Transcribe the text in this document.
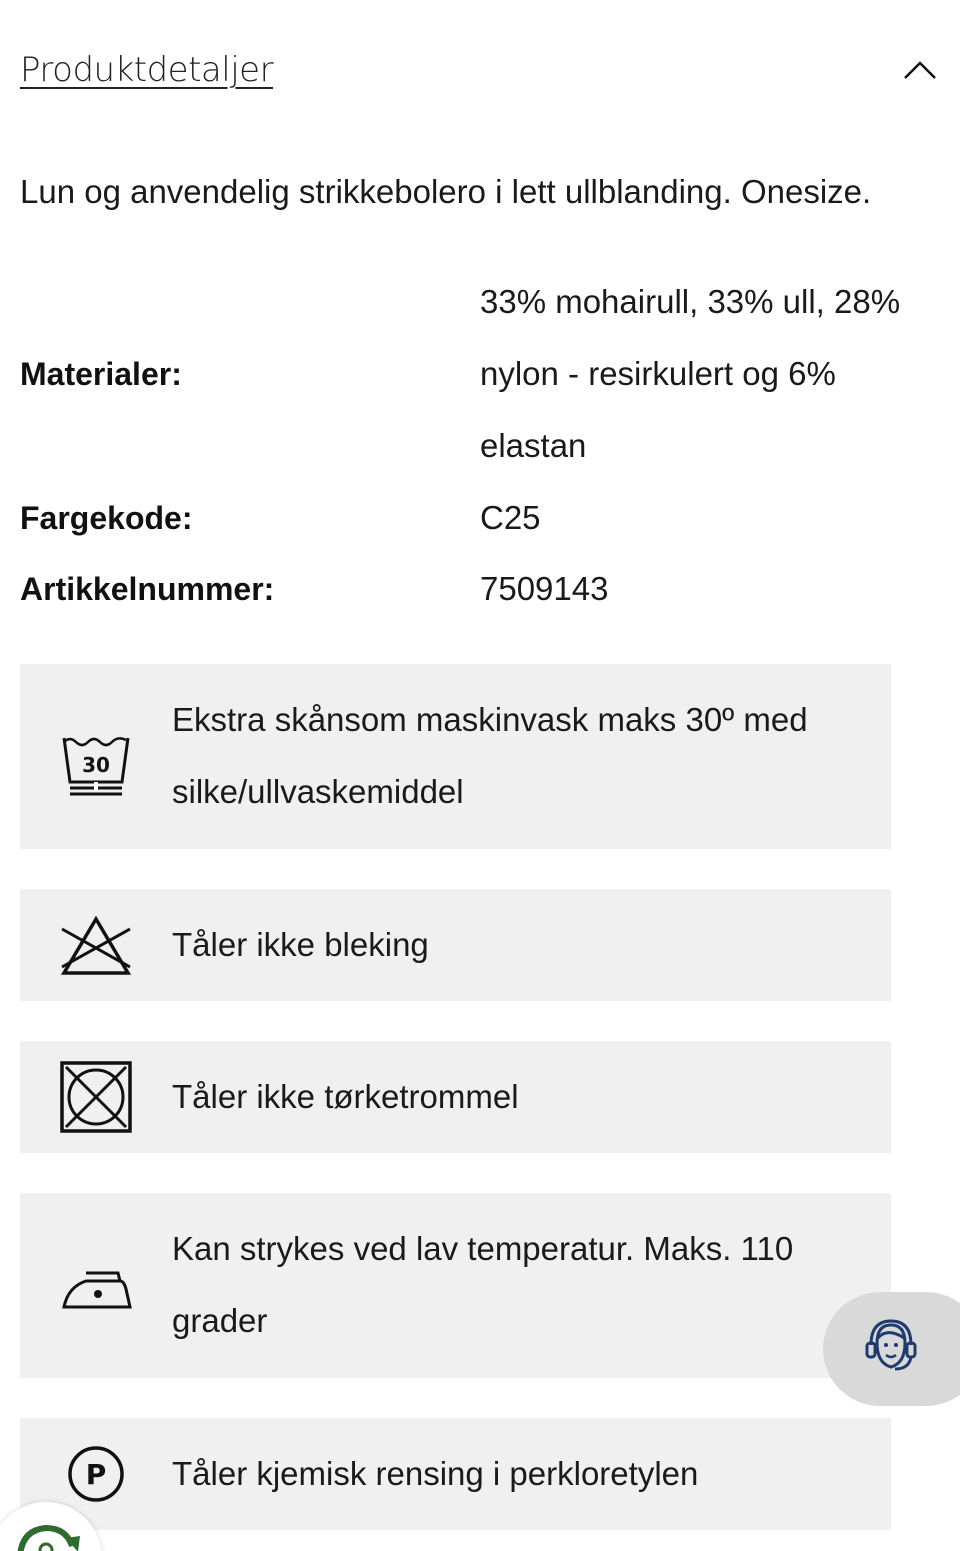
Produktdetaljer

Lun og anvendelig strikkebolero i lett ullblanding. Onesize.

Materialer:
33% mohairull, 33% ull, 28% nylon - resirkulert og 6% elastan
Fargekode:	C25
Artikkelnummer:	7509143
30
Ekstra skånsom maskinvask maks 30º med silke/ullvaskemiddel
Tåler ikke bleking
Tåler ikke tørketrommel
Kan strykes ved lav temperatur. Maks. 110 grader
P Tåler kjemisk rensing i perkloretylen
